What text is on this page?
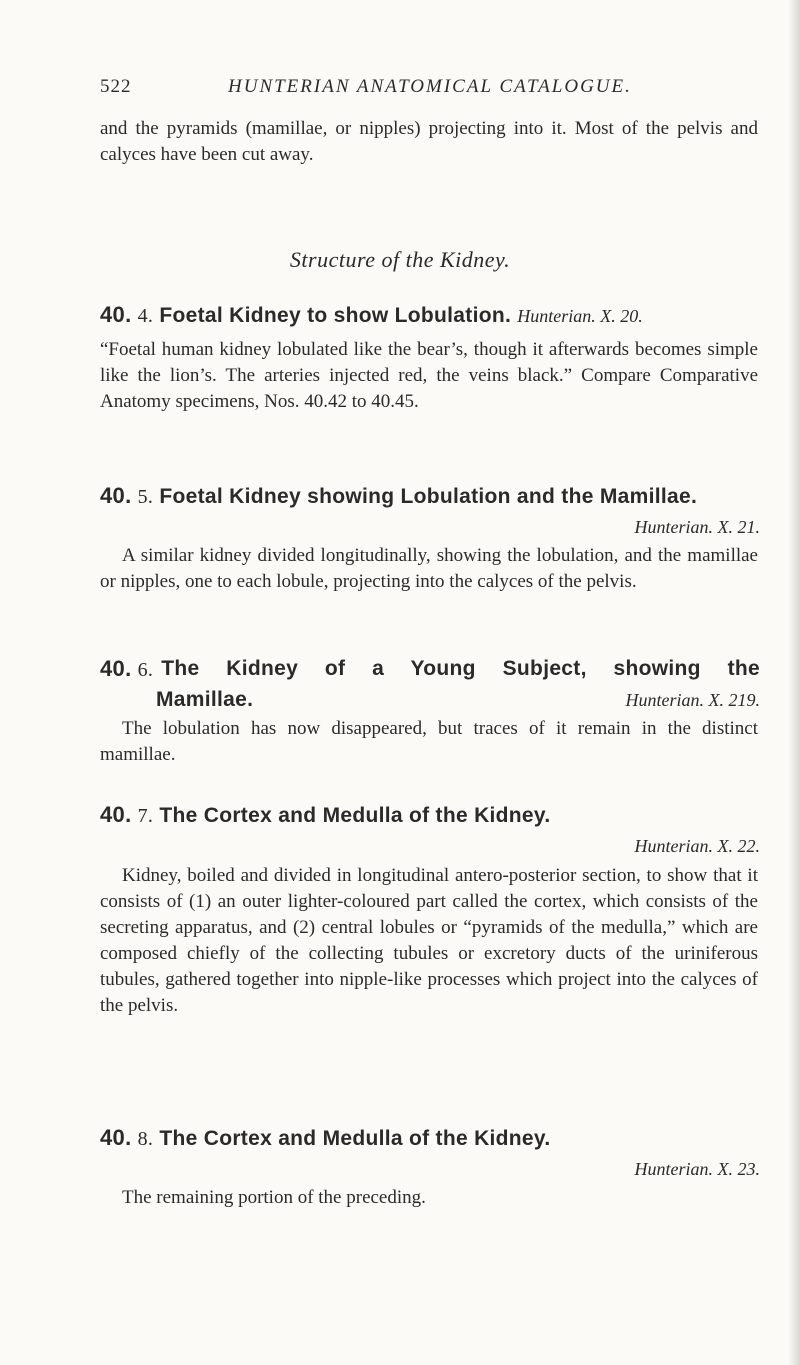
522	HUNTERIAN ANATOMICAL CATALOGUE.
and the pyramids (mamillae, or nipples) projecting into it. Most of the pelvis and calyces have been cut away.
Structure of the Kidney.
40. 4. Foetal Kidney to show Lobulation. Hunterian. X. 20.
“Foetal human kidney lobulated like the bear’s, though it afterwards becomes simple like the lion’s. The arteries injected red, the veins black.” Compare Comparative Anatomy specimens, Nos. 40.42 to 40.45.
40. 5. Foetal Kidney showing Lobulation and the Mamillae.
Hunterian. X. 21.
A similar kidney divided longitudinally, showing the lobulation, and the mamillae or nipples, one to each lobule, projecting into the calyces of the pelvis.
40. 6. The Kidney of a Young Subject, showing the
Mamillae.	Hunterian. X. 219.
The lobulation has now disappeared, but traces of it remain in the distinct mamillae.
40. 7. The Cortex and Medulla of the Kidney.
Hunterian. X. 22.
Kidney, boiled and divided in longitudinal antero-posterior section, to show that it consists of (1) an outer lighter-coloured part called the cortex, which consists of the secreting apparatus, and (2) central lobules or “pyramids of the medulla,” which are composed chiefly of the collecting tubules or excretory ducts of the uriniferous tubules, gathered together into nipple-like processes which project into the calyces of the pelvis.
40. 8. The Cortex and Medulla of the Kidney.
Hunterian. X. 23.
The remaining portion of the preceding.
